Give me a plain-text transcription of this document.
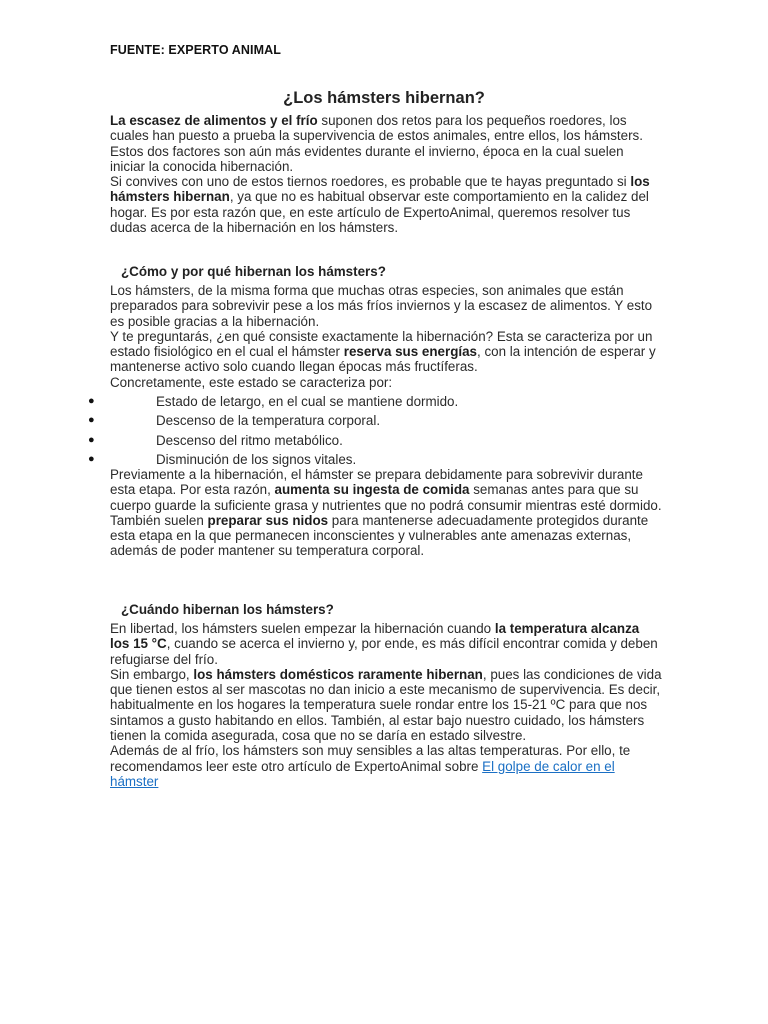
FUENTE: EXPERTO ANIMAL
¿Los hámsters hibernan?

La escasez de alimentos y el frío suponen dos retos para los pequeños roedores, los cuales han puesto a prueba la supervivencia de estos animales, entre ellos, los hámsters. Estos dos factores son aún más evidentes durante el invierno, época en la cual suelen iniciar la conocida hibernación.

Si convives con uno de estos tiernos roedores, es probable que te hayas preguntado si los hámsters hibernan, ya que no es habitual observar este comportamiento en la calidez del hogar. Es por esta razón que, en este artículo de ExpertoAnimal, queremos resolver tus dudas acerca de la hibernación en los hámsters.

¿Cómo y por qué hibernan los hámsters?

Los hámsters, de la misma forma que muchas otras especies, son animales que están preparados para sobrevivir pese a los más fríos inviernos y la escasez de alimentos. Y esto es posible gracias a la hibernación.

Y te preguntarás, ¿en qué consiste exactamente la hibernación? Esta se caracteriza por un estado fisiológico en el cual el hámster reserva sus energías, con la intención de esperar y mantenerse activo solo cuando llegan épocas más fructíferas.

Concretamente, este estado se caracteriza por:

●	Estado de letargo, en el cual se mantiene dormido.
●	Descenso de la temperatura corporal.
●	Descenso del ritmo metabólico.
●	Disminución de los signos vitales.

Previamente a la hibernación, el hámster se prepara debidamente para sobrevivir durante esta etapa. Por esta razón, aumenta su ingesta de comida semanas antes para que su cuerpo guarde la suficiente grasa y nutrientes que no podrá consumir mientras esté dormido. También suelen preparar sus nidos para mantenerse adecuadamente protegidos durante esta etapa en la que permanecen inconscientes y vulnerables ante amenazas externas, además de poder mantener su temperatura corporal.

¿Cuándo hibernan los hámsters?

En libertad, los hámsters suelen empezar la hibernación cuando la temperatura alcanza los 15 °C, cuando se acerca el invierno y, por ende, es más difícil encontrar comida y deben refugiarse del frío.

Sin embargo, los hámsters domésticos raramente hibernan, pues las condiciones de vida que tienen estos al ser mascotas no dan inicio a este mecanismo de supervivencia. Es decir, habitualmente en los hogares la temperatura suele rondar entre los 15-21 ºC para que nos sintamos a gusto habitando en ellos. También, al estar bajo nuestro cuidado, los hámsters tienen la comida asegurada, cosa que no se daría en estado silvestre.

Además de al frío, los hámsters son muy sensibles a las altas temperaturas. Por ello, te recomendamos leer este otro artículo de ExpertoAnimal sobre El golpe de calor en el hámster
